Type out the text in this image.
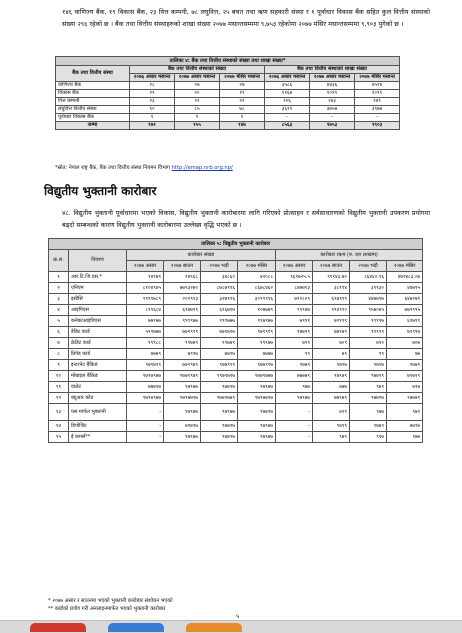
१४६ वाणिज्य बैंक, १९ विकास बैंक, २३ वित्त कम्पनी, ७८ लघुवित्त, २५ बचत तथा ऋण सहकारी संस्था र १ पूर्वाधार विकास बैंक सहित कुल वित्तीय संस्थाको संख्या २९६ रहेको छ । बैंक तथा वित्तीय संस्थाहरुको शाखा संख्या २०७७ मसान्तसम्ममा ९,७५३ रहेकोमा २०७७ मंसिर मसान्तसम्ममा ९,९०३ पुगेको छ ।

तालिका ४: बैंक तथा वित्तीय संस्थाको संख्या तथा शाखा संख्या*						
बैंक तथा वित्तीय संस्था	बैंक तथा वित्तीय संस्थाको संख्या			बैंक तथा वित्तीय संस्थाको शाखा संख्या		
	२०७६ असार मसान्त	२०७७ असार मसान्त	२०७७ मंसिर मसान्त	२०७६ असार मसान्त	२०७७ असार मसान्त	२०७७ मंसिर मसान्त
वाणिज्य बैंक	२८	२७	२७	३५८६	४४३६	४५२४
विकास बैंक	२९	२०	१९	११६७	१०९९	१०९९
वित्त कम्पनी	२३	२२	२२	२०६	२४३	२४९
लघुवित्त वित्तीय संस्था	९०	८५	७८	३६२१	३७५७	३९७७
पूर्वाधार विकास बैंक	१	१	१	-	-	-
जम्मा	१७१	१५५	१४७	८५६३	९७५३	९९०३
*स्रोत: नेपाल राष्ट्र बैंक, बैंक तथा वित्तीय संस्था नियमन विभाग http://emap.nrb.org.np/
विद्युतीय भुक्तानी कारोबार

४८. विद्युतीय भुक्तानी पूर्वाधारमा भएको विकास, विद्युतीय भुक्तानी कारोबारमा लागि गरिएको प्रोत्साहन र सर्वसाधारणको विद्युतीय भुक्तानी उपकरण प्रयोगमा बढ्दो सम्बन्धको कारण विद्युतीय भुक्तानी कारोबारमा उल्लेख्य वृद्धि भएको छ ।

तालिका ५: विद्युतीय भुक्तानी कारोबार									
क्र.सं.	विवरण	कारोबार संख्या				कारोबार रकम (रु. दश लाखमा)			
		२०७७ असार	२०७७ साउन	२०७७ भदौ	२०७७ मंसिर	२०७७ असार	२०७७ साउन	२०७७ भदौ	२०७७ मंसिर
१	आर.टि.जि.एस.*	१४९७९	२४९६८	३४८६०	४२०८८	९६९७२५.५	९९९४३.७०	८६४६२.९६	४७२४८३.०७
२	एनिएम	८१०४९४५	७७९३२७०	८७८७९९६	८६७८४६२	८४७७१३	३८९९४	३९९३०	४४७९५
३	इसीसि	९९९९७८९	२०१९९३	३२७९९६	३०९९९९६	७९२८०९	६९७९९९	४४७७९७	६४७२७९
४	आइपिएस	८९९६८४	६९७७९९	६९६७१७	१०७७७९	९९९४७	९९४९९०	९५७०४५	७७९९९५
५	कनेक्टआइपिएस	७७९७७	९९९९७७	९९९७७७	९९७९७७	७९९९	७९९९९	९९९९७	६९७९९
६	डेबिट कार्ड	५९९७७७	७७९९९९	७७९७९७	९७९९९९	९७७९९	७७९७९	९९९९९	७९९९७
७	क्रेडिट कार्ड	९९९८८	९९७७९	९९७७९	९९९७७	७९९	७०९	७९०	७०७
८	प्रिपेड कार्ड	७७७९	७९९७	७७९७	७७७७	९९	७९	९९	७७
९	इन्टरनेट बैंकिङ	९७९७९९	७७९९७९	९७७९९९	९७७९९७	९७७९	९७९७	९७९७	९७७९
१०	मोबाइल बैंकिङ	९७९७९७७	९७७९९७९	९९७९७९७	९७७९७७७	७७७७९	९७९७९	९७७९९	७९७९९
११	वालेट	७७७९७	९७९७७	९७७९७	९७९७७	९७७	७७७	९७९	७९७
१२	क्युआर कोड	९७९७९७७	९७९७७९७	९७७९७७९	९७९७७९७	९७९७७	७७९७९	९७७९७	९७७७९
१३	पस मार्फत भुक्तानी	-	९७९७७	९७९७७	९७७९७	-	७९९	९७७	९७९
१४	डिपोजिट	-	७९७९७	९७७९७	९७९७७	-	९७९९	९७७९	७७९७
१५	ई कमर्स**	-	९७९७७	९७७९७	९७९७७	-	९७९	९९७	९७७
* २०७७ असार र साउनमा भएको भुक्तानी कारोबार संशोधन भएको
** कार्डको प्रयोग गरी अनलाइनमार्फत भएको भुक्तानी कारोबार
५
